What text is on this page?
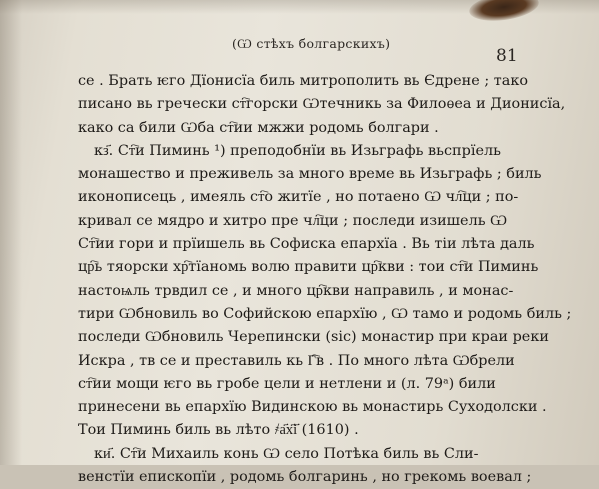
(Ѡ стѣхъ болгарскихъ)
81
се . Брать ѥго Дїонисїа биль митрополить вь Єдрене ; тако
писано вь гречески ст҇горски Ѡтечникь за Филоѳеа и Дионисїа,
како са били Ѡба ст҇ии мжжи родомь болгари .
кз҃. Ст҇и Пиминь ¹) преподобнїи вь Изьграфь вьспрїель
монашество и преживель за много време вь Изьграфь ; биль
иконописець , имеяль ст҇о житїе , но потаено Ѡ чл҇ци ; по-
кривал се мядро и хитро пре чл҇ци ; последи изишель Ѡ
Ст҇ии гори и прїишель вь Софиска епархїа . Вь тіи лѣта даль
цр҇ь тяорски хр҇тїаномь волю правити цр҇кви : тои ст҇и Пиминь
настоѩль трвдил се , и много цр҇кви направиль , и монас-
тири Ѡбновиль во Софийскою епархїю , Ѡ тамо и родомь биль ;
последи Ѡбновиль Черепински (sic) монастир при краи реки
Искра , тв се и преставиль кь Г҇в . По много лѣта Ѡбрели
ст҇ии мощи ѥго вь гробе цели и нетлени и (л. 79ᵃ) били
принесени вь епархїю Видинскою вь монастирь Суходолски .
Тои Пиминь биль вь лѣто ҂а҃х҃і҃ (1610) .
ки҃. Ст҇и Михаиль конь Ѡ село Потѣка биль вь Сли-
венстїи епископїи , родомь болгаринь , но грекомь воевал ;
